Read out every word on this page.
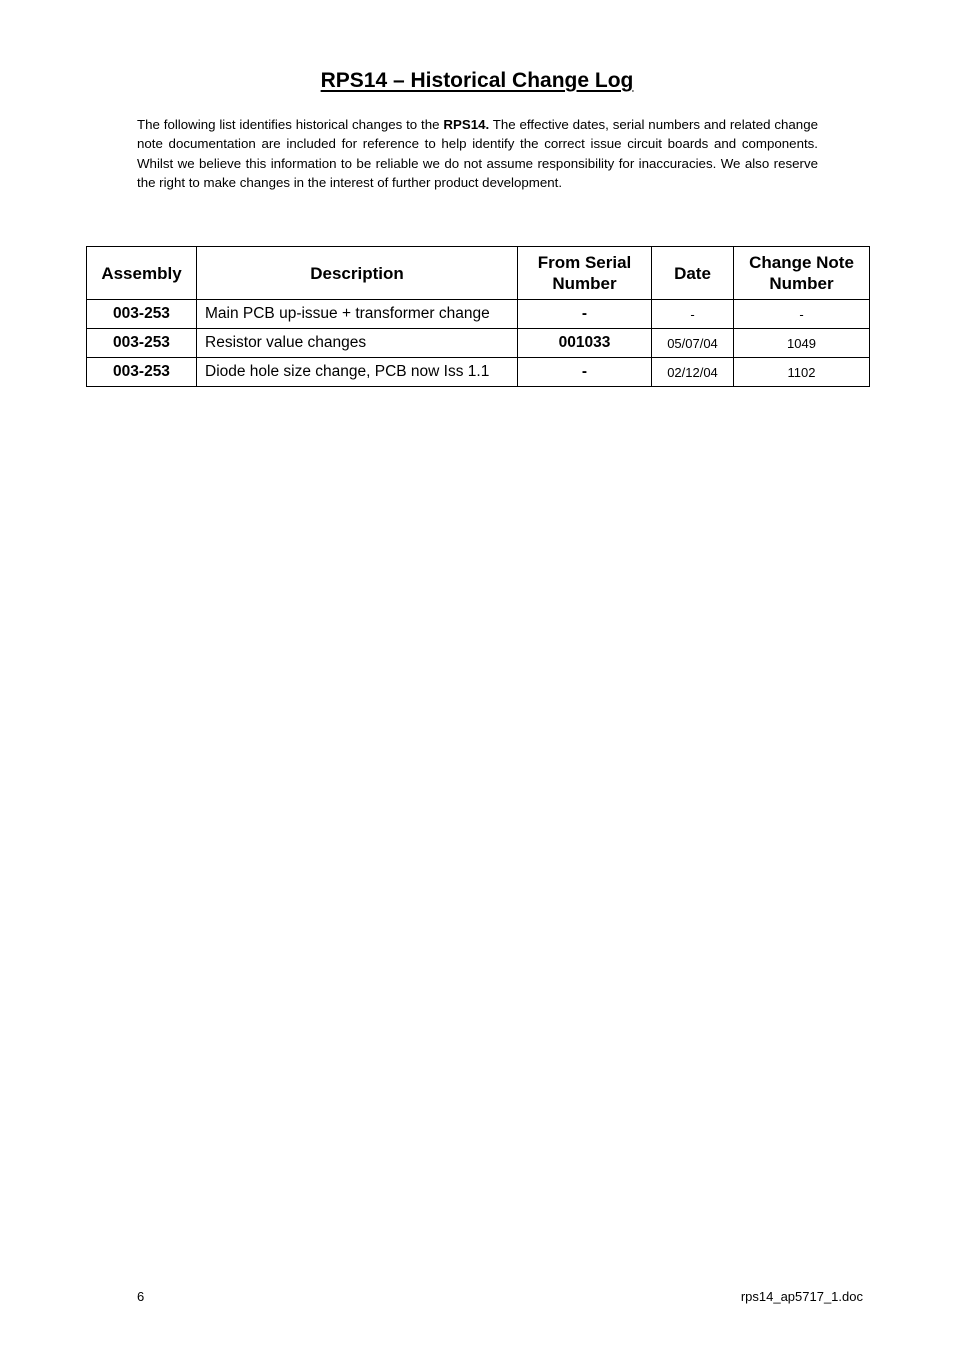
RPS14 – Historical Change Log

The following list identifies historical changes to the RPS14. The effective dates, serial numbers and related change note documentation are included for reference to help identify the correct issue circuit boards and components. Whilst we believe this information to be reliable we do not assume responsibility for inaccuracies. We also reserve the right to make changes in the interest of further product development.

Assembly	Description	From Serial Number	Date	Change Note Number
003-253	Main PCB up-issue + transformer change	-	-	-
003-253	Resistor value changes	001033	05/07/04	1049
003-253	Diode hole size change, PCB now Iss 1.1	-	02/12/04	1102
6	rps14_ap5717_1.doc
